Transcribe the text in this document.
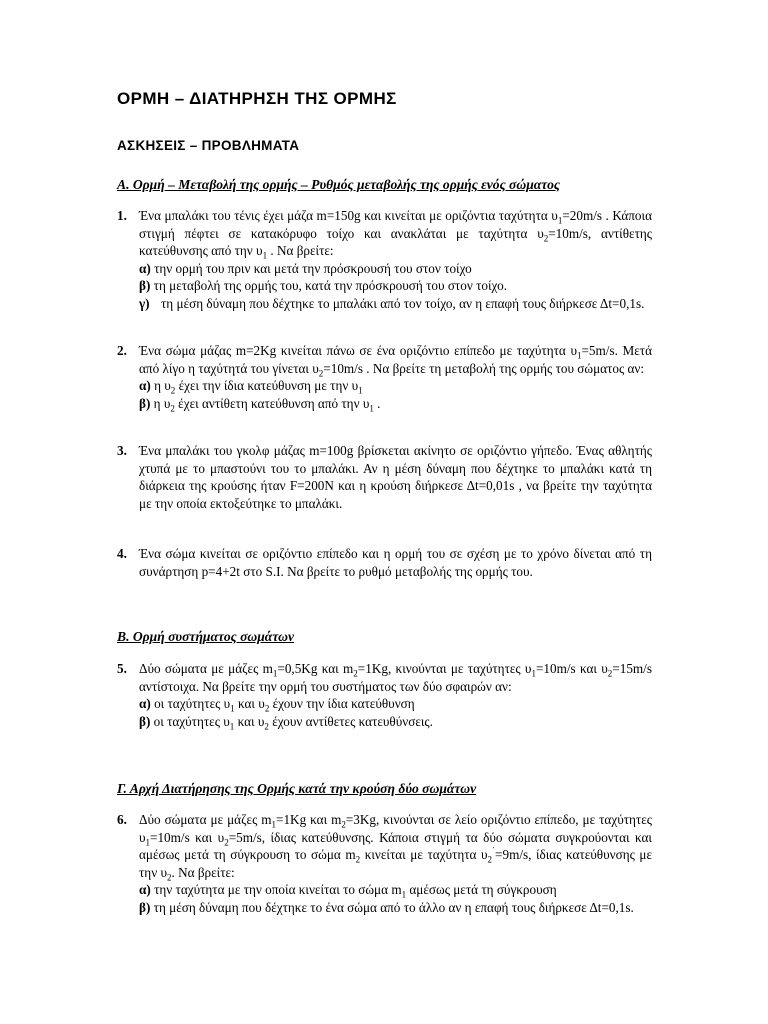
ΟΡΜΗ – ΔΙΑΤΗΡΗΣΗ ΤΗΣ ΟΡΜΗΣ
ΑΣΚΗΣΕΙΣ – ΠΡΟΒΛΗΜΑΤΑ
Α. Ορμή – Μεταβολή της ορμής – Ρυθμός μεταβολής της ορμής ενός σώματος
1. Ένα μπαλάκι του τένις έχει μάζα m=150g και κινείται με οριζόντια ταχύτητα $\upsilon_1=20m/s$ . Κάποια στιγμή πέφτει σε κατακόρυφο τοίχο και ανακλάται με ταχύτητα $\upsilon_2=10m/s$, αντίθετης κατεύθυνσης από την $\upsilon_1$ . Να βρείτε:
α) την ορμή του πριν και μετά την πρόσκρουσή του στον τοίχο
β) τη μεταβολή της ορμής του, κατά την πρόσκρουσή του στον τοίχο.
γ) τη μέση δύναμη που δέχτηκε το μπαλάκι από τον τοίχο, αν η επαφή τους διήρκεσε Δt=0,1s.
2. Ένα σώμα μάζας m=2Kg κινείται πάνω σε ένα οριζόντιο επίπεδο με ταχύτητα $\upsilon_1=5m/s$. Μετά από λίγο η ταχύτητά του γίνεται $\upsilon_2=10m/s$ . Να βρείτε τη μεταβολή της ορμής του σώματος αν:
α) η $\upsilon_2$ έχει την ίδια κατεύθυνση με την $\upsilon_1$
β) η $\upsilon_2$ έχει αντίθετη κατεύθυνση από την $\upsilon_1$ .
3. Ένα μπαλάκι του γκολφ μάζας m=100g βρίσκεται ακίνητο σε οριζόντιο γήπεδο. Ένας αθλητής χτυπά με το μπαστούνι του το μπαλάκι. Αν η μέση δύναμη που δέχτηκε το μπαλάκι κατά τη διάρκεια της κρούσης ήταν F=200N και η κρούση διήρκεσε Δt=0,01s , να βρείτε την ταχύτητα με την οποία εκτοξεύτηκε το μπαλάκι.
4. Ένα σώμα κινείται σε οριζόντιο επίπεδο και η ορμή του σε σχέση με το χρόνο δίνεται από τη συνάρτηση p=4+2t στο S.I. Να βρείτε το ρυθμό μεταβολής της ορμής του.
Β. Ορμή συστήματος σωμάτων
5. Δύο σώματα με μάζες $m_1=0,5Kg$ και $m_2=1Kg$, κινούνται με ταχύτητες $\upsilon_1=10m/s$ και $\upsilon_2=15m/s$ αντίστοιχα. Να βρείτε την ορμή του συστήματος των δύο σφαιρών αν:
α) οι ταχύτητες $\upsilon_1$ και $\upsilon_2$ έχουν την ίδια κατεύθυνση
β) οι ταχύτητες $\upsilon_1$ και $\upsilon_2$ έχουν αντίθετες κατευθύνσεις.
Γ. Αρχή Διατήρησης της Ορμής κατά την κρούση δύο σωμάτων
6. Δύο σώματα με μάζες $m_1=1Kg$ και $m_2=3Kg$, κινούνται σε λείο οριζόντιο επίπεδο, με ταχύτητες $\upsilon_1=10m/s$ και $\upsilon_2=5m/s$, ίδιας κατεύθυνσης. Κάποια στιγμή τα δύο σώματα συγκρούονται και αμέσως μετά τη σύγκρουση το σώμα $m_2$ κινείται με ταχύτητα $\upsilon_2^΄=9m/s$, ίδιας κατεύθυνσης με την $\upsilon_2$. Να βρείτε:
α) την ταχύτητα με την οποία κινείται το σώμα $m_1$ αμέσως μετά τη σύγκρουση
β) τη μέση δύναμη που δέχτηκε το ένα σώμα από το άλλο αν η επαφή τους διήρκεσε Δt=0,1s.
